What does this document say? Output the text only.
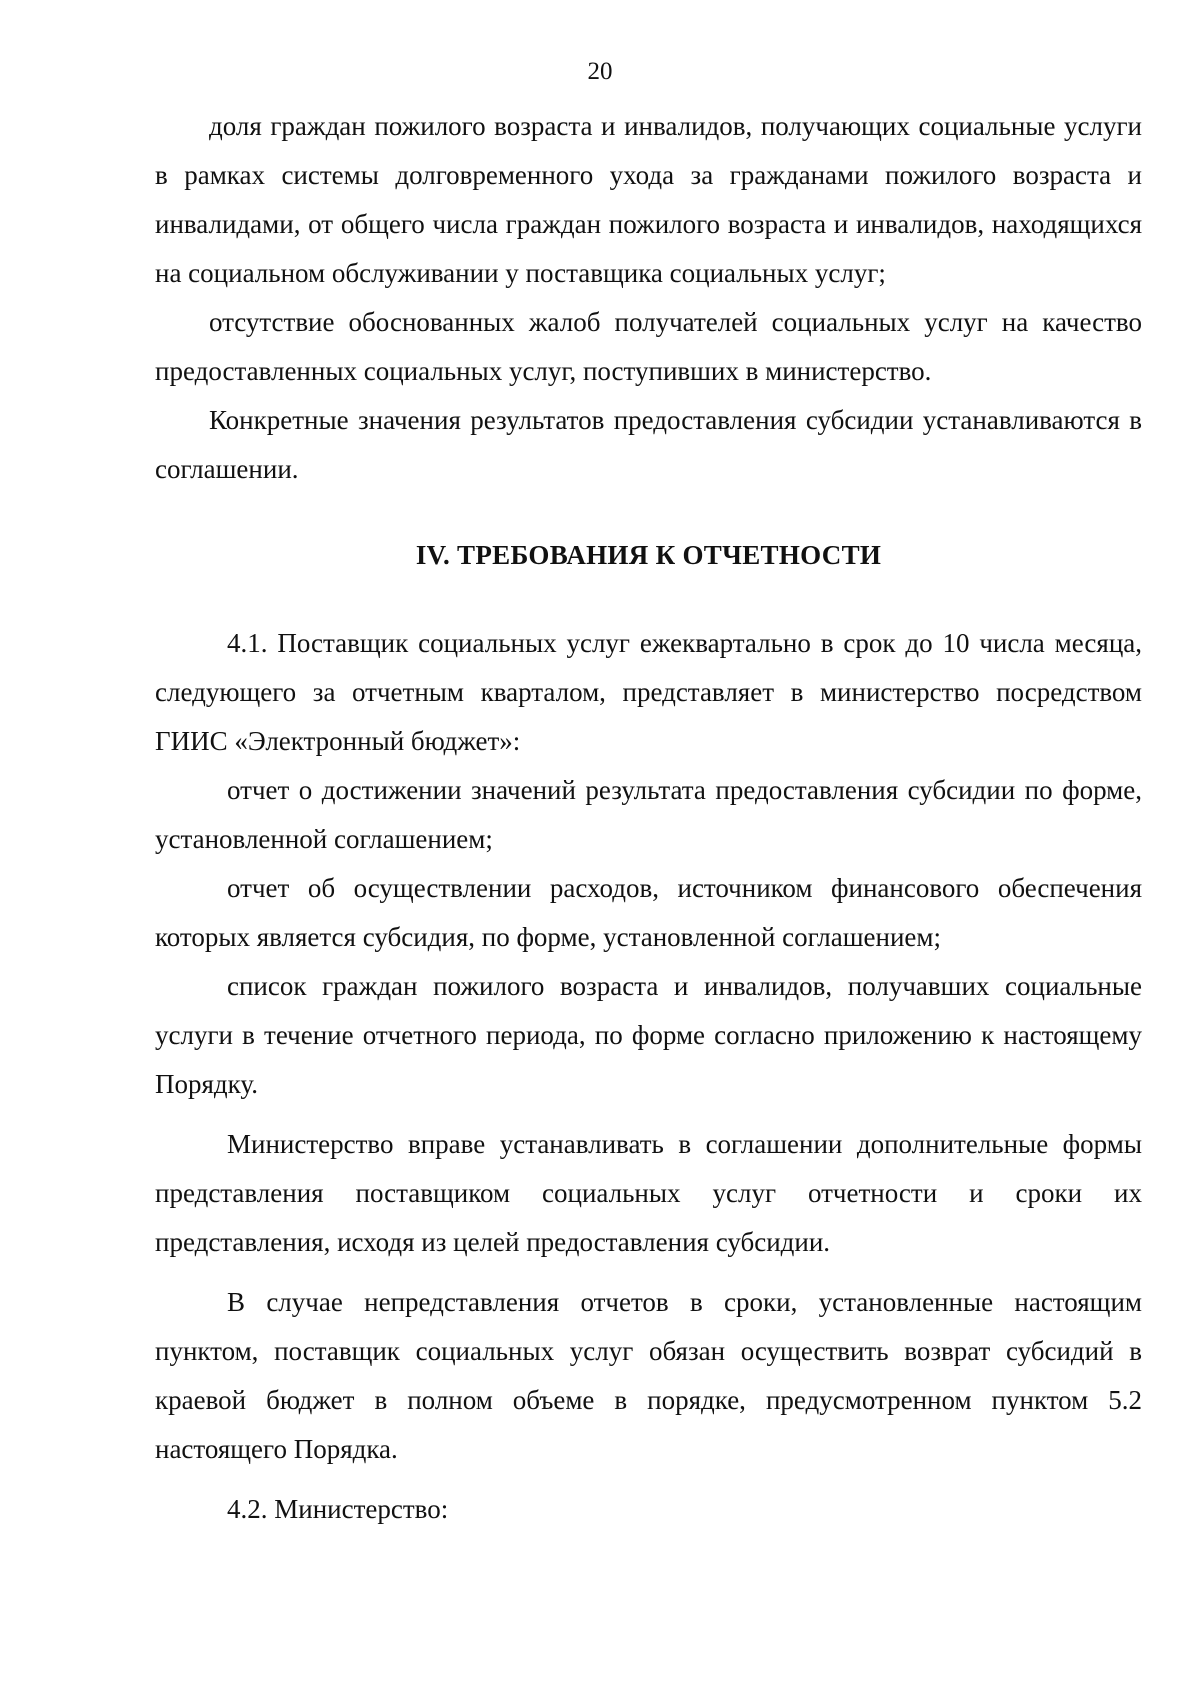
20

доля граждан пожилого возраста и инвалидов, получающих социальные услуги в рамках системы долговременного ухода за гражданами пожилого возраста и инвалидами, от общего числа граждан пожилого возраста и инвалидов, находящихся на социальном обслуживании у поставщика социальных услуг;

отсутствие обоснованных жалоб получателей социальных услуг на качество предоставленных социальных услуг, поступивших в министерство.

Конкретные значения результатов предоставления субсидии устанавливаются в соглашении.

IV. ТРЕБОВАНИЯ К ОТЧЕТНОСТИ

4.1. Поставщик социальных услуг ежеквартально в срок до 10 числа месяца, следующего за отчетным кварталом, представляет в министерство посредством ГИИС «Электронный бюджет»:

отчет о достижении значений результата предоставления субсидии по форме, установленной соглашением;

отчет об осуществлении расходов, источником финансового обеспечения которых является субсидия, по форме, установленной соглашением;

список граждан пожилого возраста и инвалидов, получавших социальные услуги в течение отчетного периода, по форме согласно приложению к настоящему Порядку.

Министерство вправе устанавливать в соглашении дополнительные формы представления поставщиком социальных услуг отчетности и сроки их представления, исходя из целей предоставления субсидии.

В случае непредставления отчетов в сроки, установленные настоящим пунктом, поставщик социальных услуг обязан осуществить возврат субсидий в краевой бюджет в полном объеме в порядке, предусмотренном пунктом 5.2 настоящего Порядка.

4.2. Министерство:
